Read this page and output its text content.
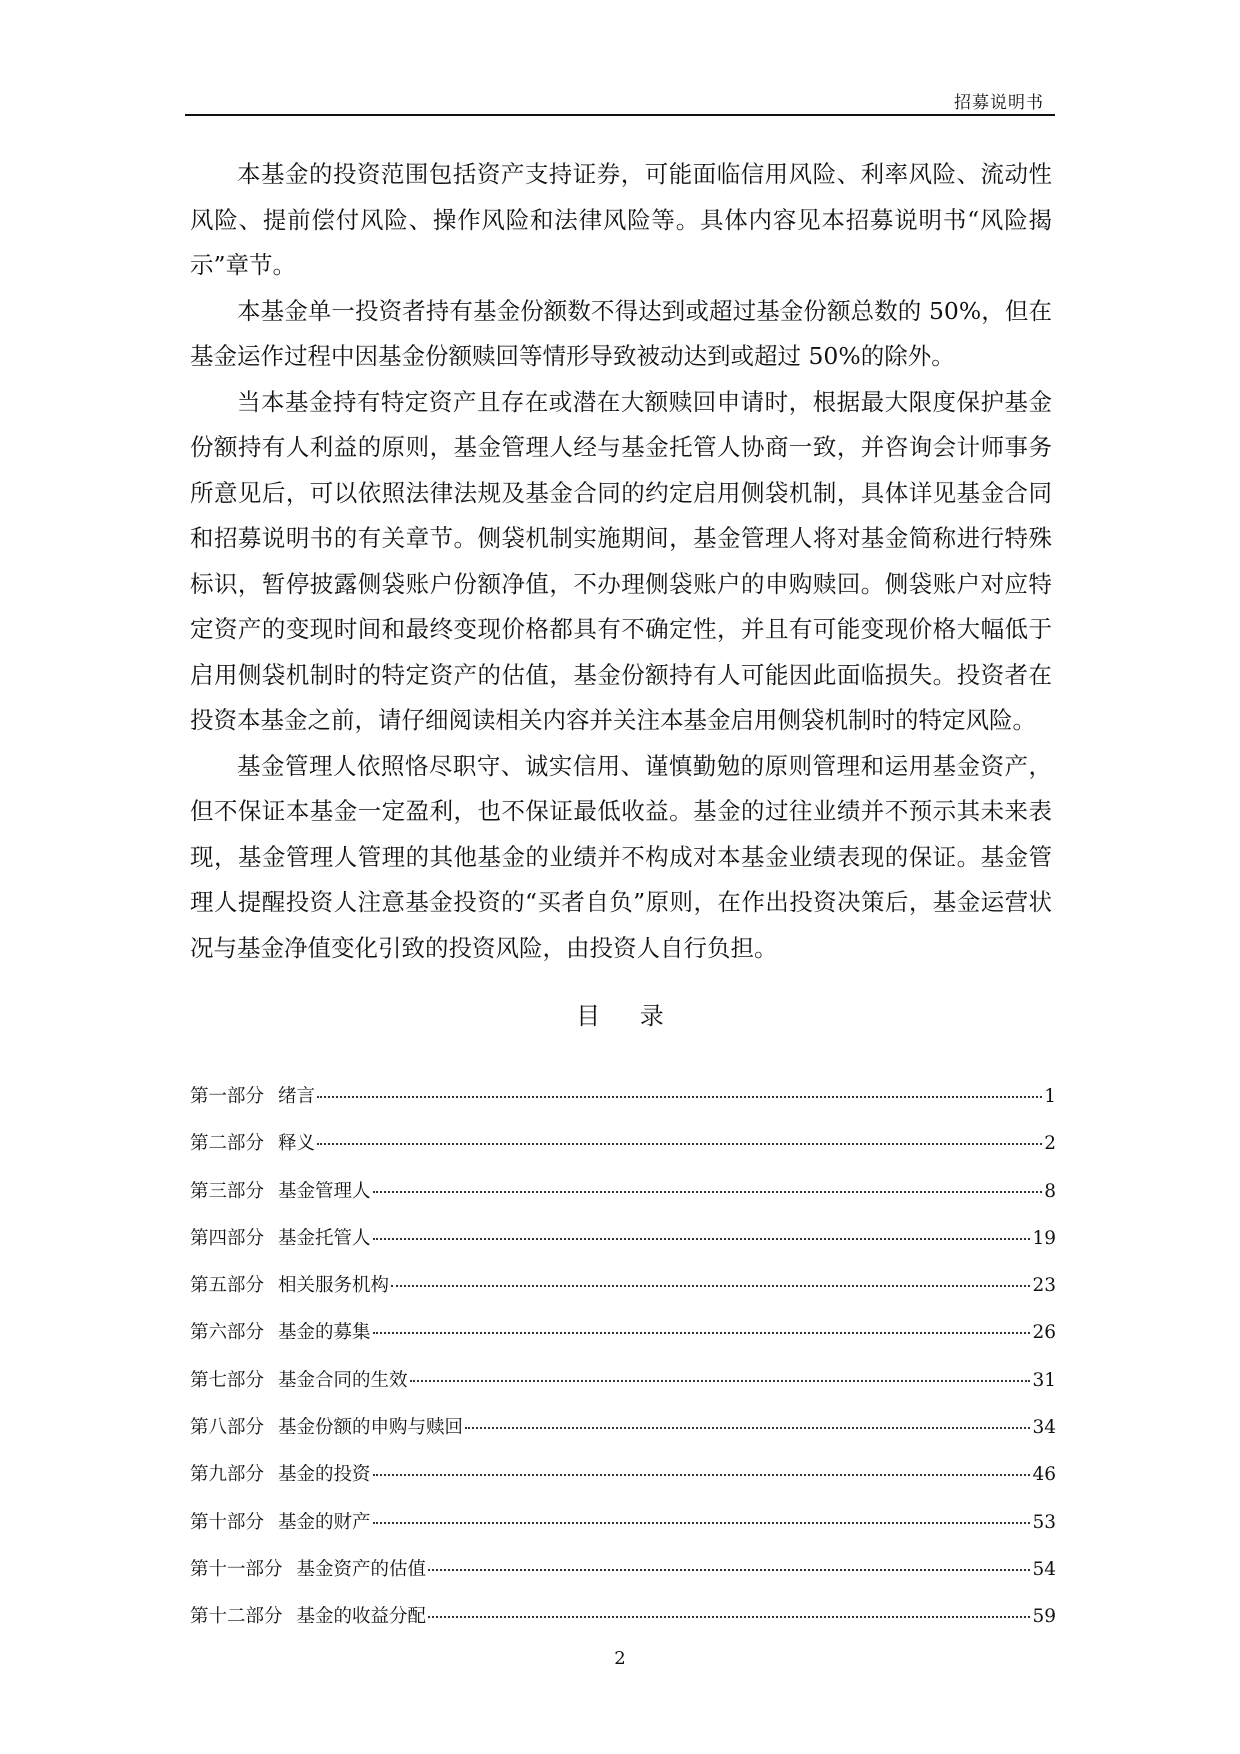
招募说明书

本基金的投资范围包括资产支持证券，可能面临信用风险、利率风险、流动性风险、提前偿付风险、操作风险和法律风险等。具体内容见本招募说明书“风险揭示”章节。

本基金单一投资者持有基金份额数不得达到或超过基金份额总数的 50%，但在基金运作过程中因基金份额赎回等情形导致被动达到或超过 50%的除外。

当本基金持有特定资产且存在或潜在大额赎回申请时，根据最大限度保护基金份额持有人利益的原则，基金管理人经与基金托管人协商一致，并咨询会计师事务所意见后，可以依照法律法规及基金合同的约定启用侧袋机制，具体详见基金合同和招募说明书的有关章节。侧袋机制实施期间，基金管理人将对基金简称进行特殊标识，暂停披露侧袋账户份额净值，不办理侧袋账户的申购赎回。侧袋账户对应特定资产的变现时间和最终变现价格都具有不确定性，并且有可能变现价格大幅低于启用侧袋机制时的特定资产的估值，基金份额持有人可能因此面临损失。投资者在投资本基金之前，请仔细阅读相关内容并关注本基金启用侧袋机制时的特定风险。

基金管理人依照恪尽职守、诚实信用、谨慎勤勉的原则管理和运用基金资产，但不保证本基金一定盈利，也不保证最低收益。基金的过往业绩并不预示其未来表现，基金管理人管理的其他基金的业绩并不构成对本基金业绩表现的保证。基金管理人提醒投资人注意基金投资的“买者自负”原则，在作出投资决策后，基金运营状况与基金净值变化引致的投资风险，由投资人自行负担。

目 录
第一部分 绪言	1
第二部分 释义	2
第三部分 基金管理人	8
第四部分 基金托管人	19
第五部分 相关服务机构	23
第六部分 基金的募集	26
第七部分 基金合同的生效	31
第八部分 基金份额的申购与赎回	34
第九部分 基金的投资	46
第十部分 基金的财产	53
第十一部分 基金资产的估值	54
第十二部分 基金的收益分配	59
2
